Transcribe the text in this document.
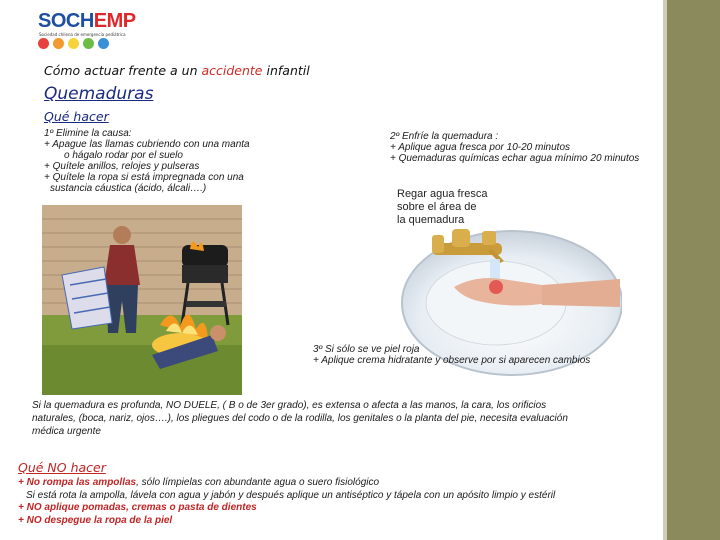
SOCHEMP
Sociedad chilena de emergencia pediátrica
Cómo actuar frente a un accidente infantil
Quemaduras
Qué hacer
1º Elimine la causa:
+ Apague las llamas cubriendo con una manta
o hágalo rodar por el suelo
+ Quítele anillos, relojes y pulseras
+ Quítele la ropa si está impregnada con una
sustancia cáustica (ácido, álcali….)
2º Enfríe la quemadura :
+ Aplique agua fresca por 10-20 minutos
+ Quemaduras químicas echar agua mínimo 20 minutos
Regar agua fresca
sobre el área de
la quemadura
3º Si sólo se ve piel roja
+ Aplique crema hidratante y observe por si aparecen cambios
Si la quemadura es profunda, NO DUELE, ( B o de 3er grado), es extensa o afecta a las manos, la cara, los orificios naturales, (boca, nariz, ojos….), los pliegues del codo o de la rodilla, los genitales o la planta del pie, necesita evaluación médica urgente
Qué NO hacer
+ No rompa las ampollas, sólo límpielas con abundante agua o suero fisiológico
Si está rota la ampolla, lávela con agua y jabón y después aplique un antiséptico y tápela con un apósito limpio y estéril
+ NO aplique pomadas, cremas o pasta de dientes
+ NO despegue la ropa de la piel
